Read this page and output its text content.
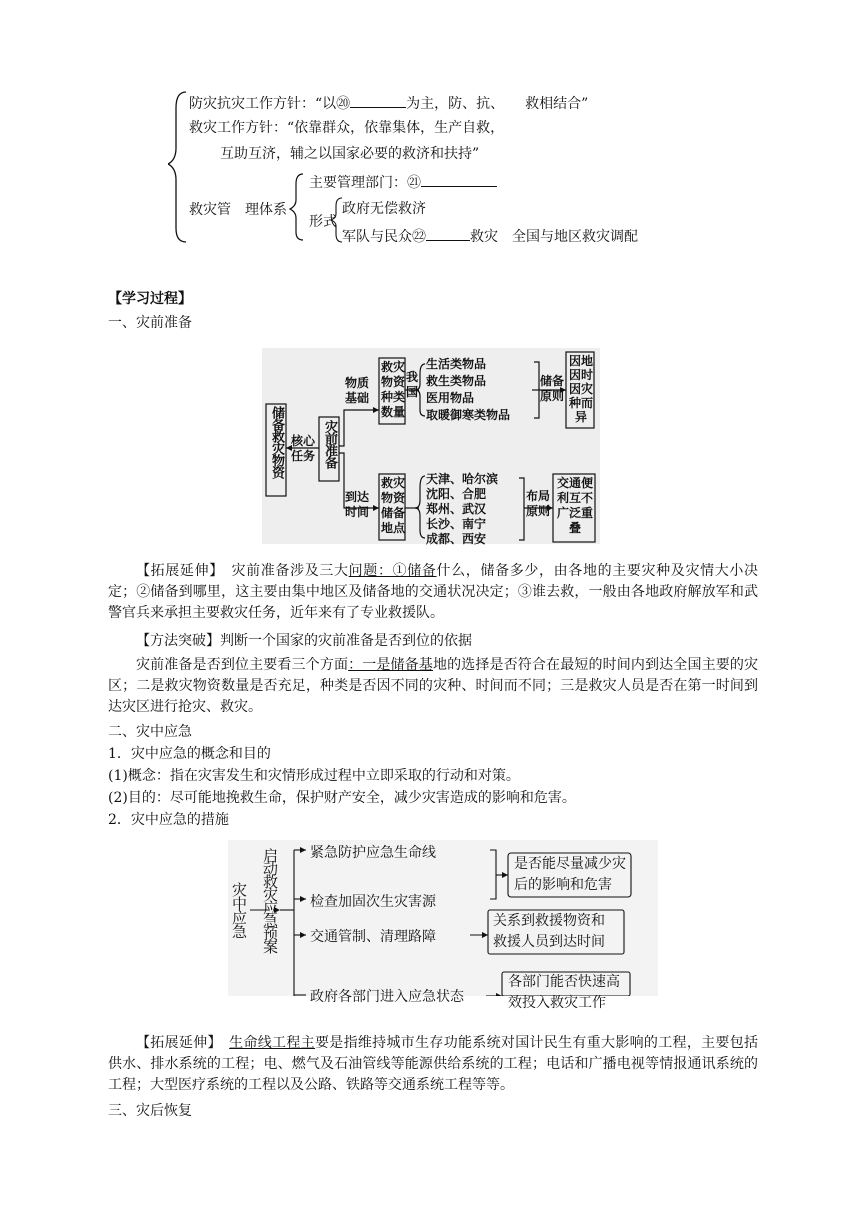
防灾抗灾工作方针：“以⑳	为主，防、抗、　　救相结合”
救灾工作方针：“依靠群众，依靠集体，生产自救，
互助互济，辅之以国家必要的救济和扶持”
救灾管　理体系
主要管理部门：㉑
形式
政府无偿救济
军队与民众㉒	救灾　全国与地区救灾调配
【学习过程】
一、灾前准备
储备救灾物资 核心任务 灾前准备
物质基础
救灾物资种类数量
我国
生活类物品
救生类物品
医用物品
取暖御寒类物品
储备原则
因地因时因灾种而异
到达时间
救灾物资储备地点
天津、哈尔滨
沈阳、合肥
郑州、武汉
长沙、南宁
成都、西安
布局原则
交通便利互不广泛重叠
【拓展延伸】　灾前准备涉及三大问题：①储备什么，储备多少，由各地的主要灾种及灾情大小决定；②储备到哪里，这主要由集中地区及储备地的交通状况决定；③谁去救，一般由各地政府解放军和武警官兵来承担主要救灾任务，近年来有了专业救援队。
【方法突破】判断一个国家的灾前准备是否到位的依据
灾前准备是否到位主要看三个方面：一是储备基地的选择是否符合在最短的时间内到达全国主要的灾区；二是救灾物资数量是否充足，种类是否因不同的灾种、时间而不同；三是救灾人员是否在第一时间到达灾区进行抢灾、救灾。
二、灾中应急
1．灾中应急的概念和目的
(1)概念：指在灾害发生和灾情形成过程中立即采取的行动和对策。
(2)目的：尽可能地挽救生命，保护财产安全，减少灾害造成的影响和危害。
2．灾中应急的措施
灾中应急 启动救灾应急预案 紧急防护应急生命线
检查加固次生灾害源
交通管制、清理路障
政府各部门进入应急状态
是否能尽量减少灾
后的影响和危害
关系到救援物资和
救援人员到达时间
各部门能否快速高
效投入救灾工作
【拓展延伸】　 生命线工程主要是指维持城市生存功能系统对国计民生有重大影响的工程，主要包括供水、排水系统的工程；电、燃气及石油管线等能源供给系统的工程；电话和广播电视等情报通讯系统的工程；大型医疗系统的工程以及公路、铁路等交通系统工程等等。
三、灾后恢复
